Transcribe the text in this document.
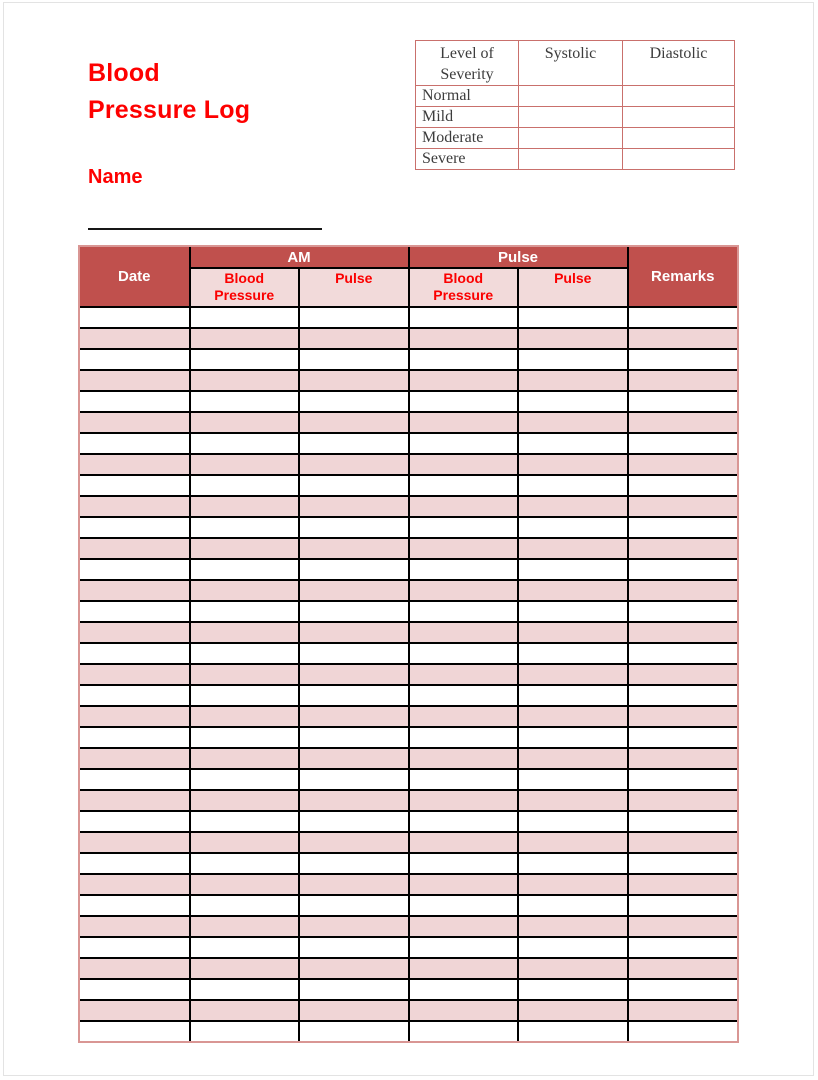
Blood
Pressure Log
Name
Level of Severity	Systolic	Diastolic
Normal		
Mild		
Moderate		
Severe		
Date	AM		Pulse		Remarks
	Blood Pressure	Pulse	Blood Pressure	Pulse	
